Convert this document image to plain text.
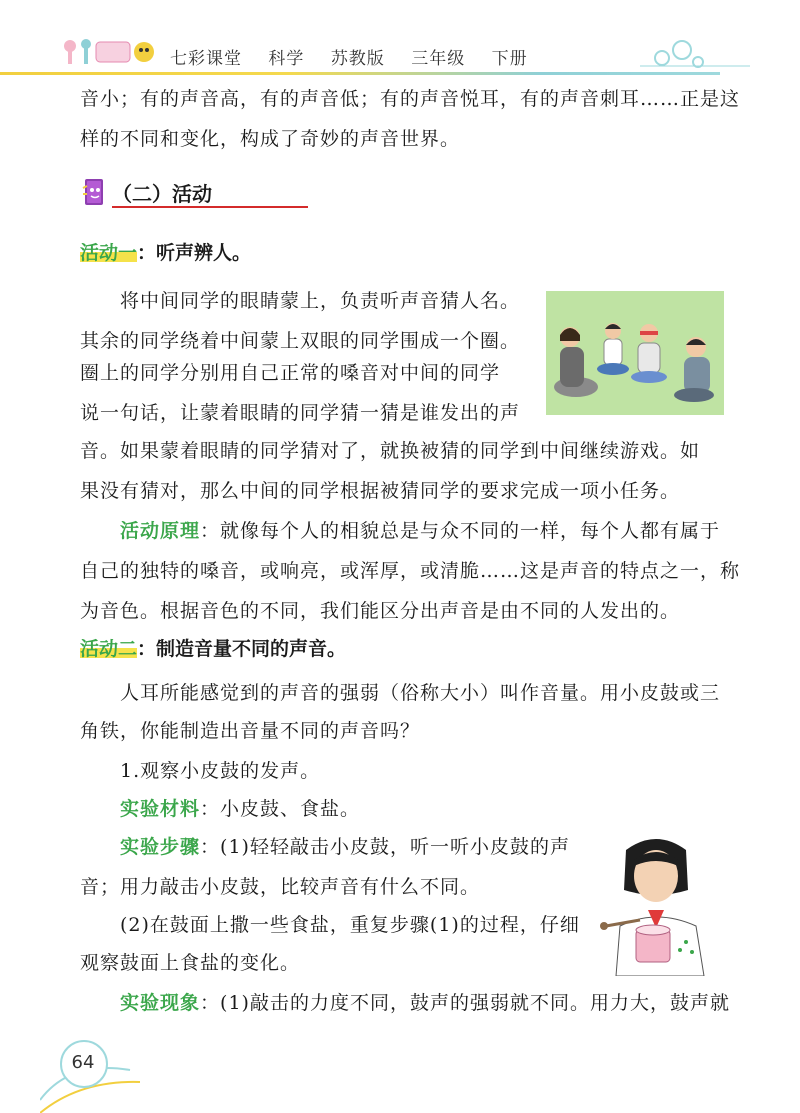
七彩课堂 科学 苏教版 三年级 下册
音小；有的声音高，有的声音低；有的声音悦耳，有的声音刺耳……正是这
样的不同和变化，构成了奇妙的声音世界。
（二）活动
活动一：听声辨人。
　　将中间同学的眼睛蒙上，负责听声音猜人名。
其余的同学绕着中间蒙上双眼的同学围成一个圈。
圈上的同学分别用自己正常的嗓音对中间的同学
说一句话，让蒙着眼睛的同学猜一猜是谁发出的声
音。如果蒙着眼睛的同学猜对了，就换被猜的同学到中间继续游戏。如
果没有猜对，那么中间的同学根据被猜同学的要求完成一项小任务。
　　活动原理：就像每个人的相貌总是与众不同的一样，每个人都有属于
自己的独特的嗓音，或响亮，或浑厚，或清脆……这是声音的特点之一，称
为音色。根据音色的不同，我们能区分出声音是由不同的人发出的。
活动二：制造音量不同的声音。
　　人耳所能感觉到的声音的强弱（俗称大小）叫作音量。用小皮鼓或三
角铁，你能制造出音量不同的声音吗？
　　1.观察小皮鼓的发声。
　　实验材料：小皮鼓、食盐。
　　实验步骤：(1)轻轻敲击小皮鼓，听一听小皮鼓的声
音；用力敲击小皮鼓，比较声音有什么不同。
　　(2)在鼓面上撒一些食盐，重复步骤(1)的过程，仔细
观察鼓面上食盐的变化。
　　实验现象：(1)敲击的力度不同，鼓声的强弱就不同。用力大，鼓声就
64
